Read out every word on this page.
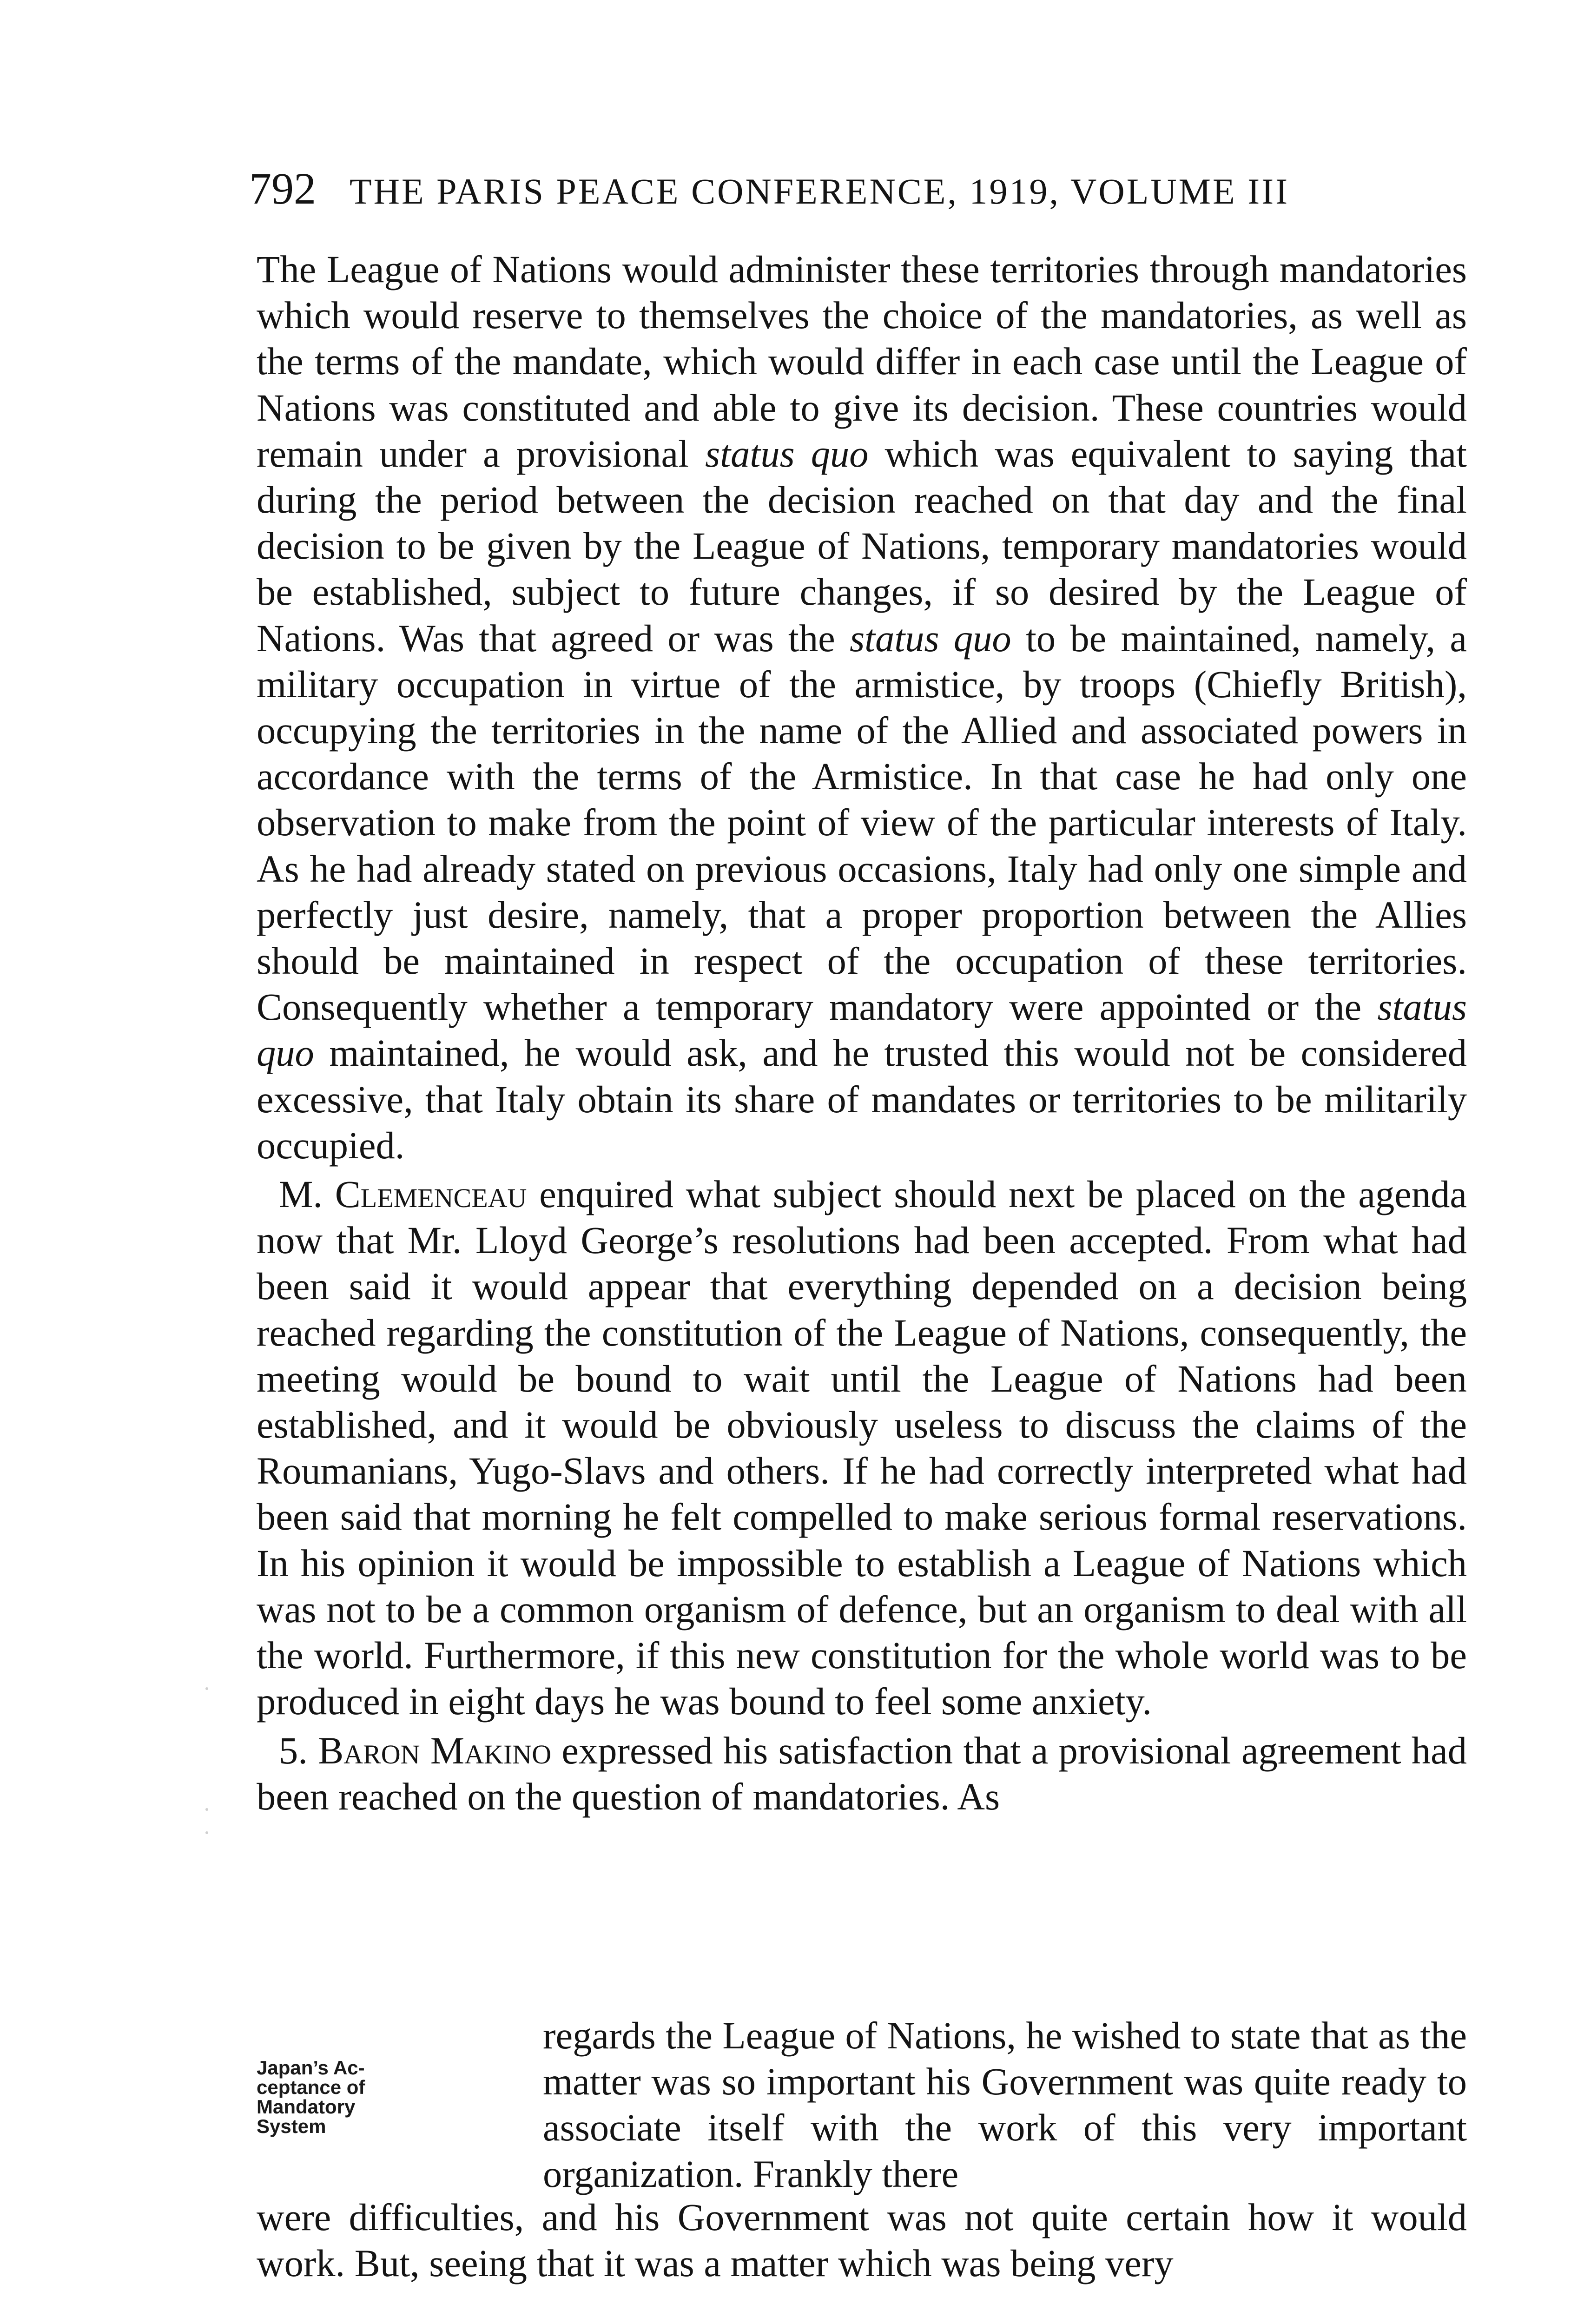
792 THE PARIS PEACE CONFERENCE, 1919, VOLUME III

The League of Nations would administer these territories through mandatories which would reserve to themselves the choice of the mandatories, as well as the terms of the mandate, which would differ in each case until the League of Nations was constituted and able to give its decision. These countries would remain under a provisional status quo which was equivalent to saying that during the period between the decision reached on that day and the final decision to be given by the League of Nations, temporary mandatories would be established, subject to future changes, if so desired by the League of Nations. Was that agreed or was the status quo to be maintained, namely, a military occupation in virtue of the armistice, by troops (Chiefly British), occupying the territories in the name of the Allied and associated powers in accordance with the terms of the Armistice. In that case he had only one observation to make from the point of view of the particular interests of Italy. As he had already stated on previous occasions, Italy had only one simple and perfectly just desire, namely, that a proper proportion between the Allies should be maintained in respect of the occupation of these territories. Consequently whether a temporary mandatory were appointed or the status quo maintained, he would ask, and he trusted this would not be considered excessive, that Italy obtain its share of mandates or territories to be militarily occupied.

M. Clemenceau enquired what subject should next be placed on the agenda now that Mr. Lloyd George’s resolutions had been accepted. From what had been said it would appear that everything depended on a decision being reached regarding the constitution of the League of Nations, consequently, the meeting would be bound to wait until the League of Nations had been established, and it would be obviously useless to discuss the claims of the Roumanians, Yugo-Slavs and others. If he had correctly interpreted what had been said that morning he felt compelled to make serious formal reservations. In his opinion it would be impossible to establish a League of Nations which was not to be a common organism of defence, but an organism to deal with all the world. Furthermore, if this new constitution for the whole world was to be produced in eight days he was bound to feel some anxiety.

5. Baron Makino expressed his satisfaction that a provisional agreement had been reached on the question of mandatories. As

Japan’s Ac-
ceptance of
Mandatory
System

regards the League of Nations, he wished to state that as the matter was so important his Government was quite ready to associate itself with the work of this very important organization. Frankly there

were difficulties, and his Government was not quite certain how it would work. But, seeing that it was a matter which was being very
